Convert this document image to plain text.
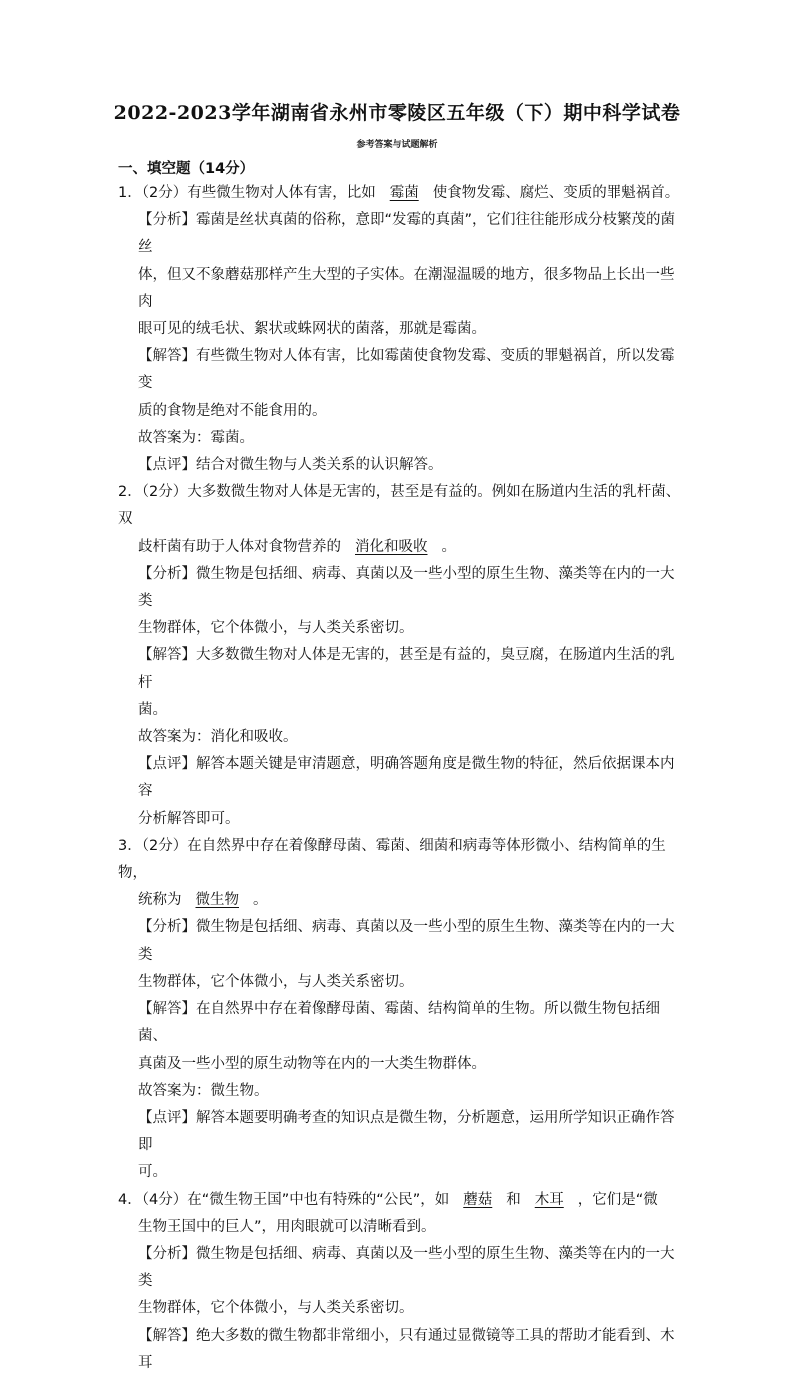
2022-2023学年湖南省永州市零陵区五年级（下）期中科学试卷
参考答案与试题解析
一、填空题（14分）
1．（2分）有些微生物对人体有害，比如 霉菌 使食物发霉、腐烂、变质的罪魁祸首。
【分析】霉菌是丝状真菌的俗称，意即“发霉的真菌”，它们往往能形成分枝繁茂的菌丝
体，但又不象蘑菇那样产生大型的子实体。在潮湿温暖的地方，很多物品上长出一些肉
眼可见的绒毛状、絮状或蛛网状的菌落，那就是霉菌。
【解答】有些微生物对人体有害，比如霉菌使食物发霉、变质的罪魁祸首，所以发霉变
质的食物是绝对不能食用的。
故答案为：霉菌。
【点评】结合对微生物与人类关系的认识解答。
2．（2分）大多数微生物对人体是无害的，甚至是有益的。例如在肠道内生活的乳杆菌、双
歧杆菌有助于人体对食物营养的 消化和吸收 。
【分析】微生物是包括细、病毒、真菌以及一些小型的原生生物、藻类等在内的一大类
生物群体，它个体微小，与人类关系密切。
【解答】大多数微生物对人体是无害的，甚至是有益的，臭豆腐，在肠道内生活的乳杆
菌。
故答案为：消化和吸收。
【点评】解答本题关键是审清题意，明确答题角度是微生物的特征，然后依据课本内容
分析解答即可。
3．（2分）在自然界中存在着像酵母菌、霉菌、细菌和病毒等体形微小、结构简单的生物，
统称为 微生物 。
【分析】微生物是包括细、病毒、真菌以及一些小型的原生生物、藻类等在内的一大类
生物群体，它个体微小，与人类关系密切。
【解答】在自然界中存在着像酵母菌、霉菌、结构简单的生物。所以微生物包括细菌、
真菌及一些小型的原生动物等在内的一大类生物群体。
故答案为：微生物。
【点评】解答本题要明确考查的知识点是微生物，分析题意，运用所学知识正确作答即
可。
4．（4分）在“微生物王国”中也有特殊的“公民”，如 蘑菇 和 木耳 ，它们是“微
生物王国中的巨人”，用肉眼就可以清晰看到。
【分析】微生物是包括细、病毒、真菌以及一些小型的原生生物、藻类等在内的一大类
生物群体，它个体微小，与人类关系密切。
【解答】绝大多数的微生物都非常细小，只有通过显微镜等工具的帮助才能看到、木耳
